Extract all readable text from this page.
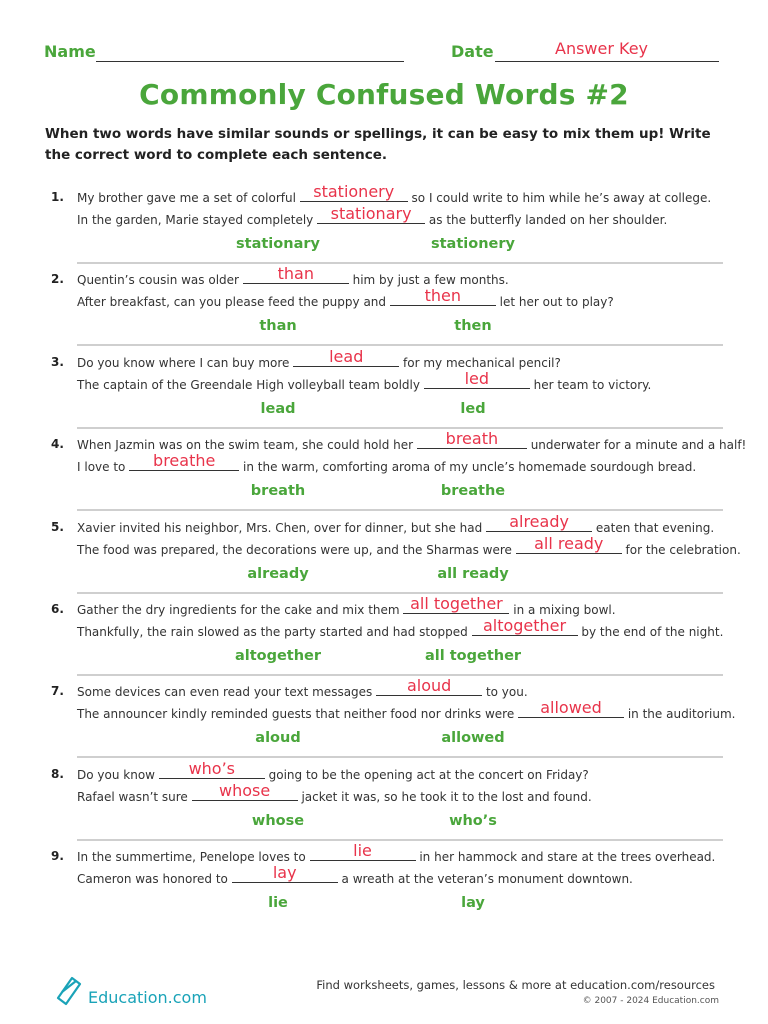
Name	Date	Answer Key
Commonly Confused Words #2
When two words have similar sounds or spellings, it can be easy to mix them up! Write the correct word to complete each sentence.
1. My brother gave me a set of colorful stationery	so I could write to him while he’s away at college.
In the garden, Marie stayed completely stationary	as the butterfly landed on her shoulder.
stationary	stationery
2. Quentin’s cousin was older	than	him by just a few months.
After breakfast, can you please feed the puppy and	then	let her out to play?
than	then
3. Do you know where I can buy more	lead	for my mechanical pencil?
The captain of the Greendale High volleyball team boldly	led	her team to victory.
lead	led
4. When Jazmin was on the swim team, she could hold her	breath	underwater for a minute and a half!
I love to	breathe	in the warm, comforting aroma of my uncle’s homemade sourdough bread.
breath	breathe
5. Xavier invited his neighbor, Mrs. Chen, over for dinner, but she had	already	eaten that evening.
The food was prepared, the decorations were up, and the Sharmas were	all ready	for the celebration.
already	all ready
6. Gather the dry ingredients for the cake and mix them all together in a mixing bowl.
Thankfully, the rain slowed as the party started and had stopped altogether by the end of the night.
altogether	all together
7. Some devices can even read your text messages	aloud	to you.
The announcer kindly reminded guests that neither food nor drinks were	allowed	in the auditorium.
aloud	allowed
8. Do you know	who’s	going to be the opening act at the concert on Friday?
Rafael wasn’t sure	whose	jacket it was, so he took it to the lost and found.
whose	who’s
9. In the summertime, Penelope loves to	lie	in her hammock and stare at the trees overhead.
Cameron was honored to	lay	a wreath at the veteran’s monument downtown.
lie	lay
Education.com
Find worksheets, games, lessons & more at education.com/resources
© 2007 - 2024 Education.com
